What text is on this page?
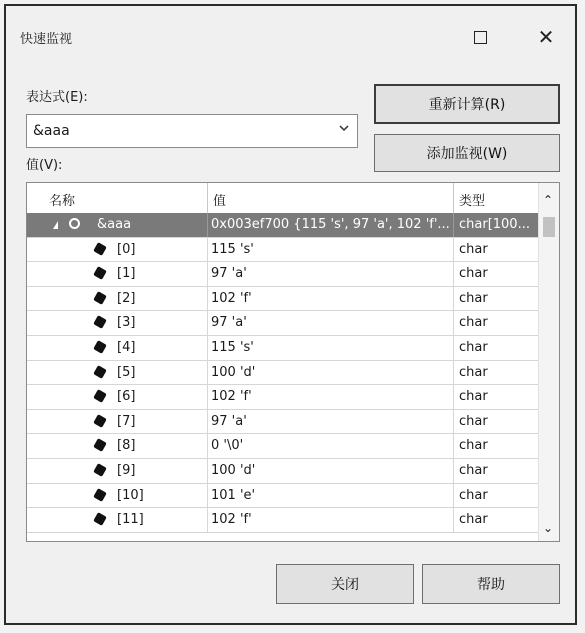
快速监视	✕
表达式(E):
&aaa
重新计算(R)
添加监视(W)
值(V):
名称	值	类型
&aaa	0x003ef700 {115 's', 97 'a', 102 'f'... char[100...
[0]	115 's'	char
[1]	97 'a'	char
[2]	102 'f'	char
[3]	97 'a'	char
[4]	115 's'	char
[5]	100 'd'	char
[6]	102 'f'	char
[7]	97 'a'	char
[8]	0 '\0'	char
[9]	100 'd'	char
[10]	101 'e'	char
[11]	102 'f'	char
⌃
⌄
关闭	帮助
